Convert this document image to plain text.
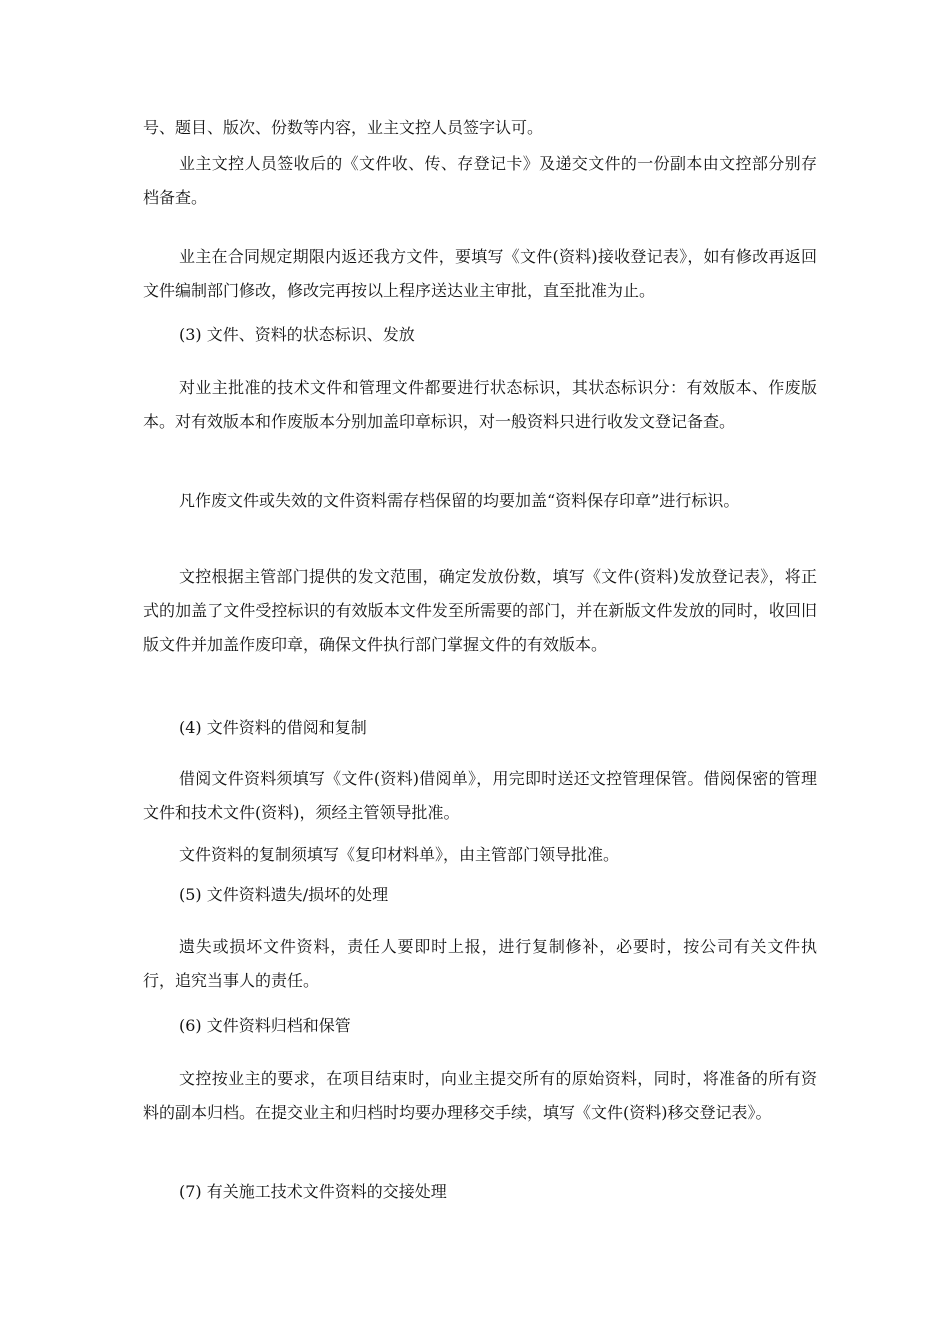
号、题目、版次、份数等内容，业主文控人员签字认可。

业主文控人员签收后的《文件收、传、存登记卡》及递交文件的一份副本由文控部分别存档备查。

业主在合同规定期限内返还我方文件，要填写《文件(资料)接收登记表》，如有修改再返回文件编制部门修改，修改完再按以上程序送达业主审批，直至批准为止。

(3) 文件、资料的状态标识、发放

对业主批准的技术文件和管理文件都要进行状态标识，其状态标识分：有效版本、作废版本。对有效版本和作废版本分别加盖印章标识，对一般资料只进行收发文登记备查。

凡作废文件或失效的文件资料需存档保留的均要加盖“资料保存印章”进行标识。

文控根据主管部门提供的发文范围，确定发放份数，填写《文件(资料)发放登记表》，将正式的加盖了文件受控标识的有效版本文件发至所需要的部门，并在新版文件发放的同时，收回旧版文件并加盖作废印章，确保文件执行部门掌握文件的有效版本。

(4) 文件资料的借阅和复制

借阅文件资料须填写《文件(资料)借阅单》，用完即时送还文控管理保管。借阅保密的管理文件和技术文件(资料)，须经主管领导批准。

文件资料的复制须填写《复印材料单》，由主管部门领导批准。

(5) 文件资料遗失/损坏的处理

遗失或损坏文件资料，责任人要即时上报，进行复制修补，必要时，按公司有关文件执行，追究当事人的责任。

(6) 文件资料归档和保管

文控按业主的要求，在项目结束时，向业主提交所有的原始资料，同时，将准备的所有资料的副本归档。在提交业主和归档时均要办理移交手续，填写《文件(资料)移交登记表》。

(7) 有关施工技术文件资料的交接处理
